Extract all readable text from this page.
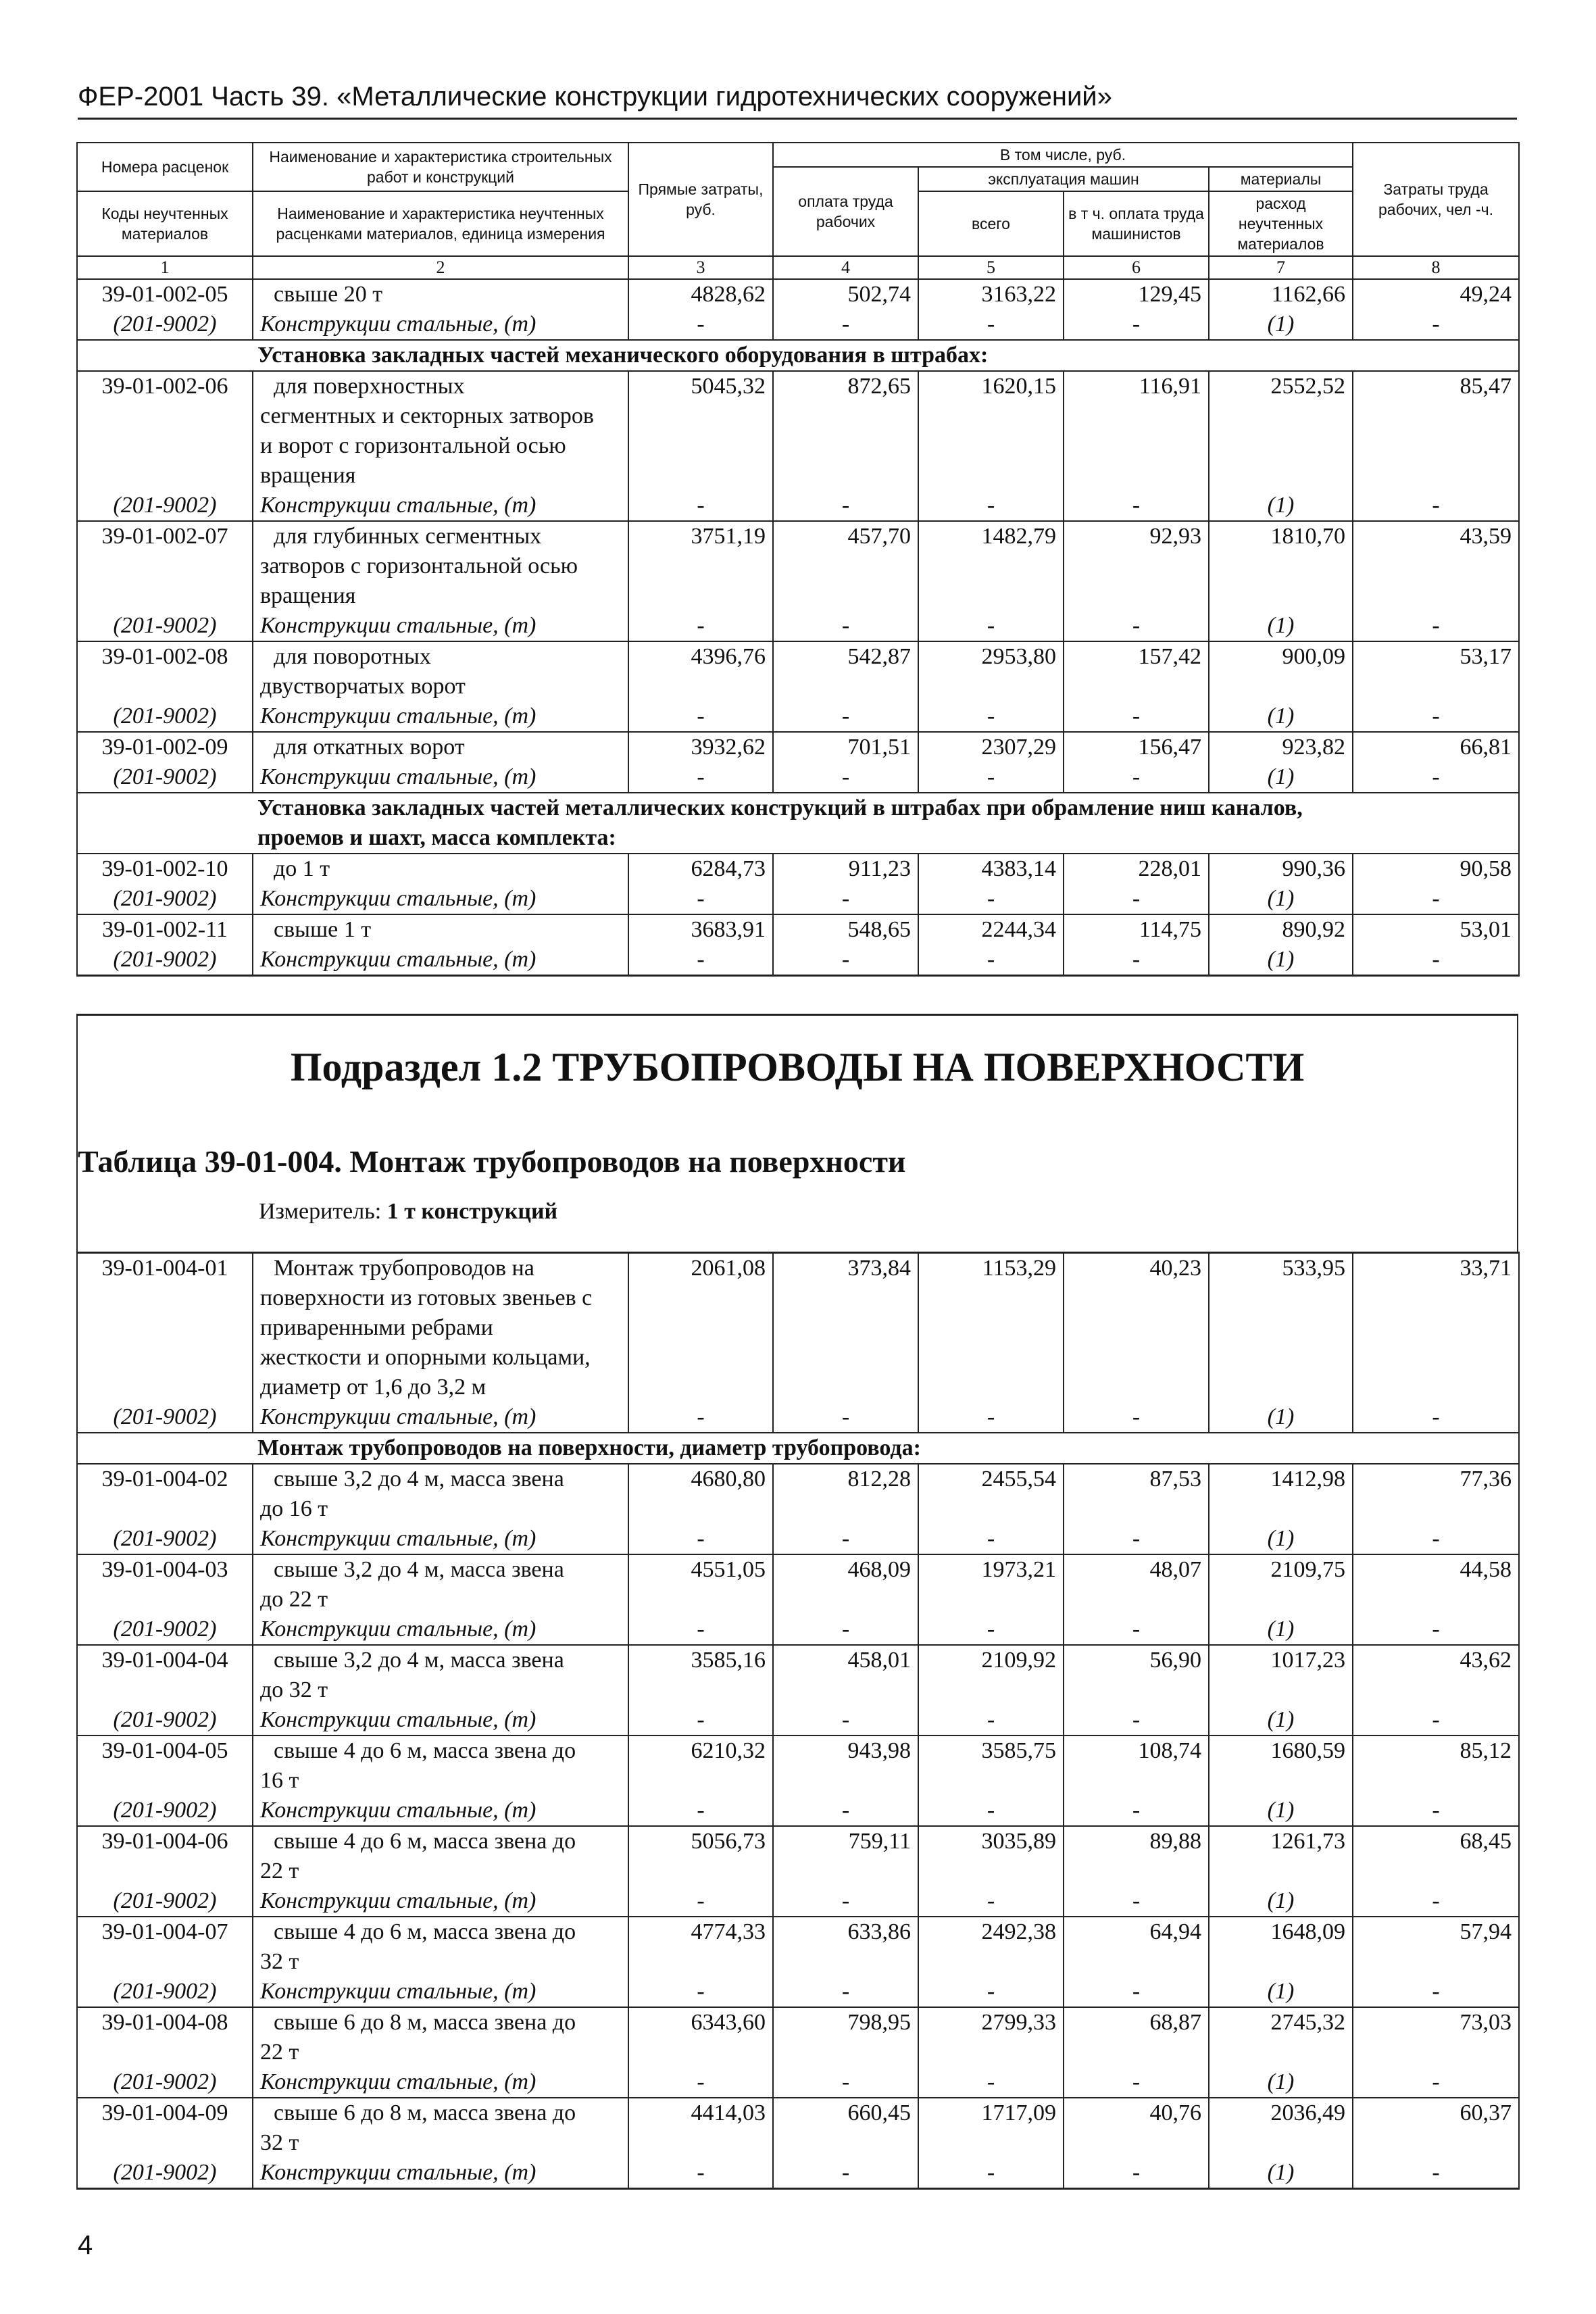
ФЕР-2001 Часть 39. «Металлические конструкции гидротехнических сооружений»
Номера расценок	Наименование и характеристика строительных работ и конструкций	Прямые затраты, руб.	В том числе, руб.				Затраты труда рабочих, чел -ч.
			оплата труда рабочих	эксплуатация машин		материалы	
Коды неучтенных материалов	Наименование и характеристика неучтенных расценками материалов, единица измерения			всего	в т ч. оплата труда машинистов	расход неучтенных материалов	

1	2	3	4	5	6	7	8
39-01-002-05	свыше 20 т	4828,62	502,74	3163,22	129,45	1162,66	49,24
(201-9002)	Конструкции стальные, (т)	-	-	-	-	(1)	-

Установка закладных частей механического оборудования в штрабах:							

39-01-002-06	для поверхностных
сегментных и секторных затворов
и ворот с горизонтальной осью
вращения	5045,32	872,65	1620,15	116,91	2552,52	85,47
(201-9002)	Конструкции стальные, (т)	-	-	-	-	(1)	-
39-01-002-07	для глубинных сегментных
затворов с горизонтальной осью
вращения	3751,19	457,70	1482,79	92,93	1810,70	43,59
(201-9002)	Конструкции стальные, (т)	-	-	-	-	(1)	-
39-01-002-08	для поворотных
двустворчатых ворот	4396,76	542,87	2953,80	157,42	900,09	53,17
(201-9002)	Конструкции стальные, (т)	-	-	-	-	(1)	-
39-01-002-09	для откатных ворот	3932,62	701,51	2307,29	156,47	923,82	66,81
(201-9002)	Конструкции стальные, (т)	-	-	-	-	(1)	-

Установка закладных частей металлических конструкций в штрабах при обрамление ниш каналов,
проемов и шахт, масса комплекта:							

39-01-002-10	до 1 т	6284,73	911,23	4383,14	228,01	990,36	90,58
(201-9002)	Конструкции стальные, (т)	-	-	-	-	(1)	-
39-01-002-11	свыше 1 т	3683,91	548,65	2244,34	114,75	890,92	53,01
(201-9002)	Конструкции стальные, (т)	-	-	-	-	(1)	-
Подраздел 1.2 ТРУБОПРОВОДЫ НА ПОВЕРХНОСТИ
Таблица 39-01-004. Монтаж трубопроводов на поверхности
Измеритель: 1 т конструкций
39-01-004-01	Монтаж трубопроводов на
поверхности из готовых звеньев с
приваренными ребрами
жесткости и опорными кольцами,
диаметр от 1,6 до 3,2 м	2061,08	373,84	1153,29	40,23	533,95	33,71
(201-9002)	Конструкции стальные, (т)	-	-	-	-	(1)	-

Монтаж трубопроводов на поверхности, диаметр трубопровода:							

39-01-004-02	свыше 3,2 до 4 м, масса звена
до 16 т	4680,80	812,28	2455,54	87,53	1412,98	77,36
(201-9002)	Конструкции стальные, (т)	-	-	-	-	(1)	-
39-01-004-03	свыше 3,2 до 4 м, масса звена
до 22 т	4551,05	468,09	1973,21	48,07	2109,75	44,58
(201-9002)	Конструкции стальные, (т)	-	-	-	-	(1)	-
39-01-004-04	свыше 3,2 до 4 м, масса звена
до 32 т	3585,16	458,01	2109,92	56,90	1017,23	43,62
(201-9002)	Конструкции стальные, (т)	-	-	-	-	(1)	-
39-01-004-05	свыше 4 до 6 м, масса звена до
16 т	6210,32	943,98	3585,75	108,74	1680,59	85,12
(201-9002)	Конструкции стальные, (т)	-	-	-	-	(1)	-
39-01-004-06	свыше 4 до 6 м, масса звена до
22 т	5056,73	759,11	3035,89	89,88	1261,73	68,45
(201-9002)	Конструкции стальные, (т)	-	-	-	-	(1)	-
39-01-004-07	свыше 4 до 6 м, масса звена до
32 т	4774,33	633,86	2492,38	64,94	1648,09	57,94
(201-9002)	Конструкции стальные, (т)	-	-	-	-	(1)	-
39-01-004-08	свыше 6 до 8 м, масса звена до
22 т	6343,60	798,95	2799,33	68,87	2745,32	73,03
(201-9002)	Конструкции стальные, (т)	-	-	-	-	(1)	-
39-01-004-09	свыше 6 до 8 м, масса звена до
32 т	4414,03	660,45	1717,09	40,76	2036,49	60,37
(201-9002)	Конструкции стальные, (т)	-	-	-	-	(1)	-
4
